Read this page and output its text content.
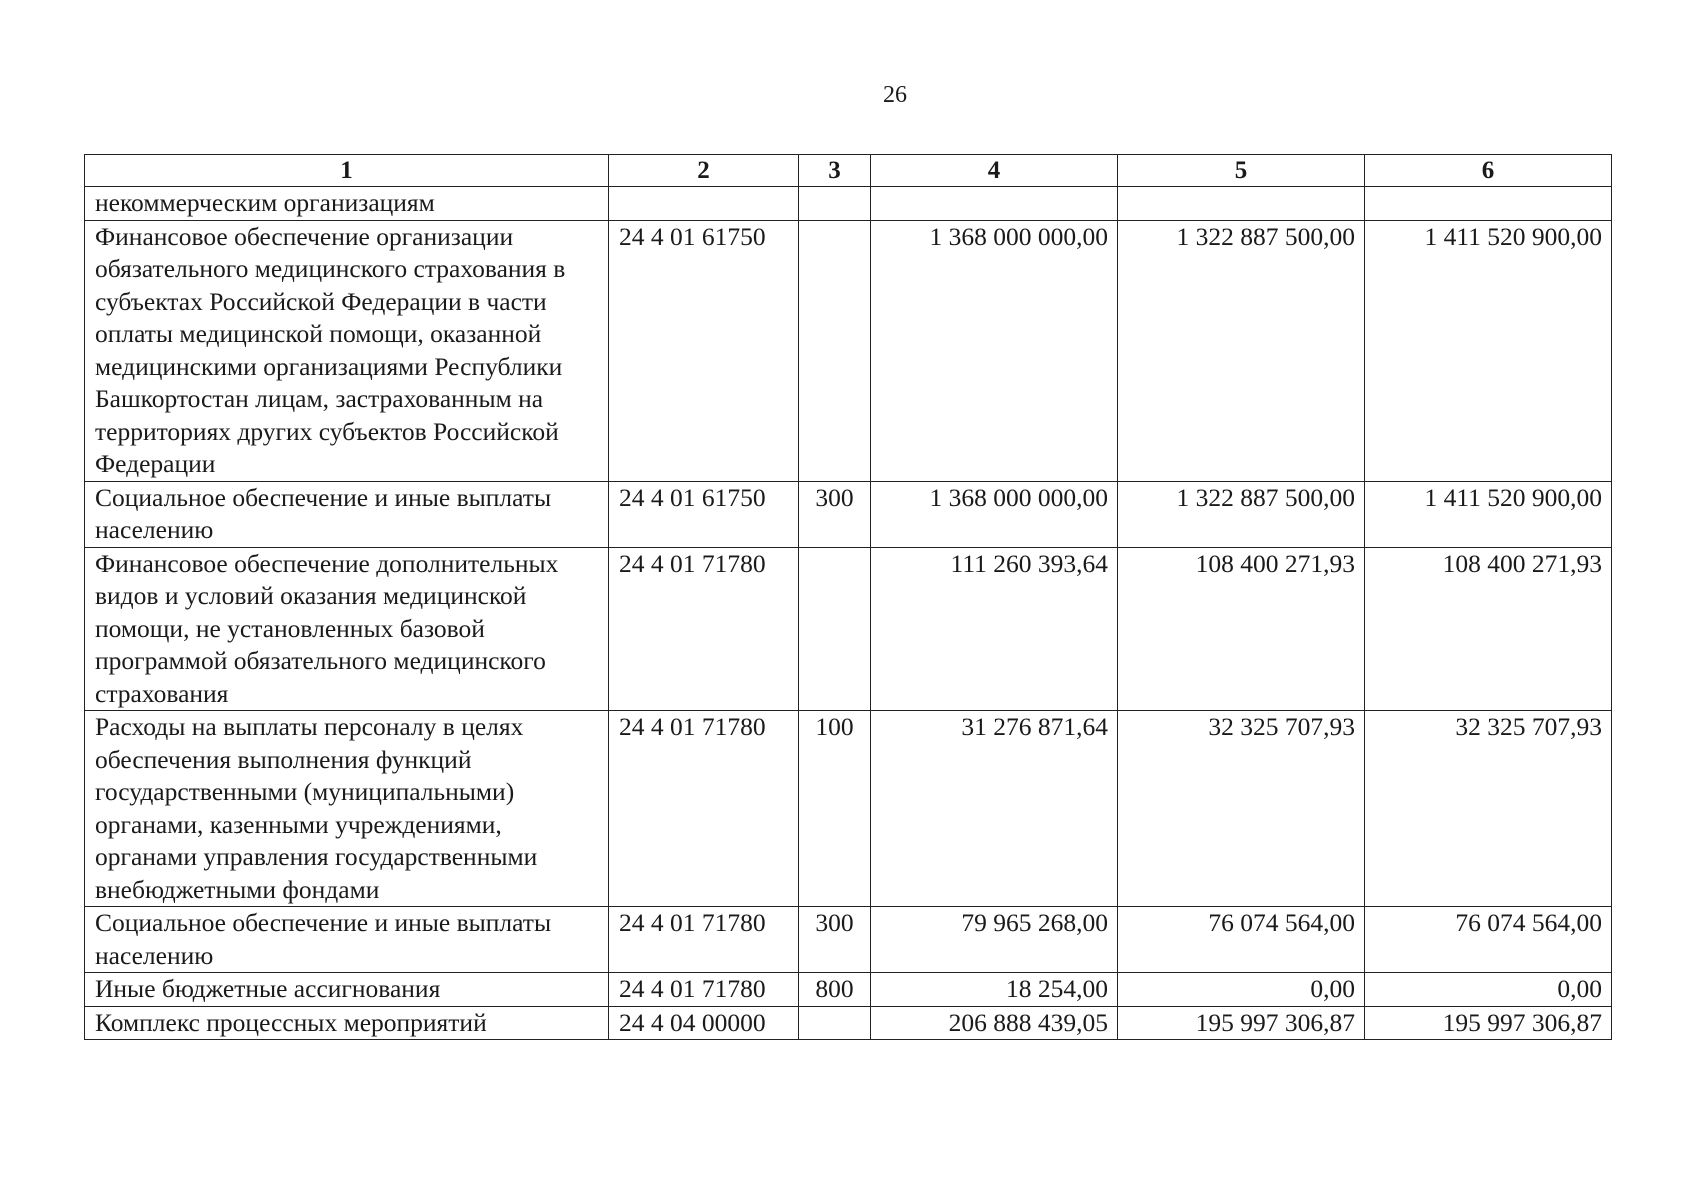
26
1	2	3	4	5	6
некоммерческим организациям					
Финансовое обеспечение организации обязательного медицинского страхования в субъектах Российской Федерации в части оплаты медицинской помощи, оказанной медицинскими организациями Республики Башкортостан лицам, застрахованным на территориях других субъектов Российской Федерации	24 4 01 61750		1 368 000 000,00	1 322 887 500,00	1 411 520 900,00
Социальное обеспечение и иные выплаты населению	24 4 01 61750	300	1 368 000 000,00	1 322 887 500,00	1 411 520 900,00
Финансовое обеспечение дополнительных видов и условий оказания медицинской помощи, не установленных базовой программой обязательного медицинского страхования	24 4 01 71780		111 260 393,64	108 400 271,93	108 400 271,93
Расходы на выплаты персоналу в целях обеспечения выполнения функций государственными (муниципальными) органами, казенными учреждениями, органами управления государственными внебюджетными фондами	24 4 01 71780	100	31 276 871,64	32 325 707,93	32 325 707,93
Социальное обеспечение и иные выплаты населению	24 4 01 71780	300	79 965 268,00	76 074 564,00	76 074 564,00
Иные бюджетные ассигнования	24 4 01 71780	800	18 254,00	0,00	0,00
Комплекс процессных мероприятий	24 4 04 00000		206 888 439,05	195 997 306,87	195 997 306,87
